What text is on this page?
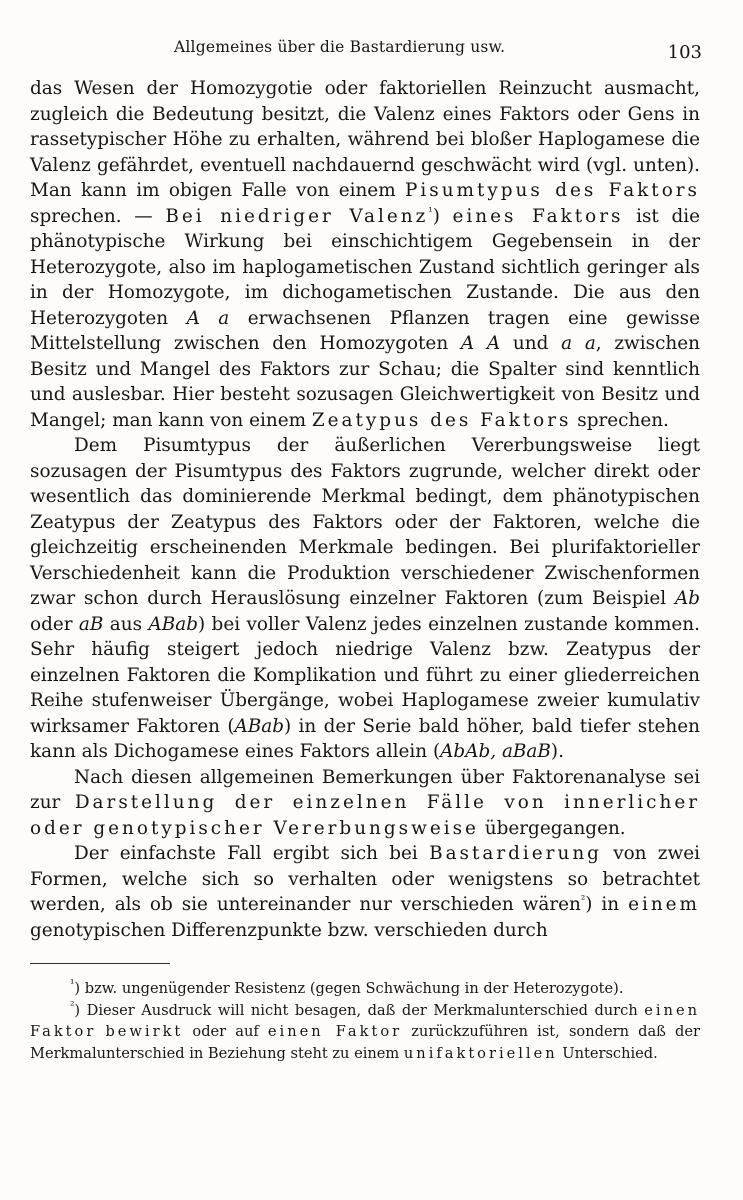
Allgemeines über die Bastardierung usw.	103

das Wesen der Homozygotie oder faktoriellen Reinzucht ausmacht, zugleich die Bedeutung besitzt, die Valenz eines Faktors oder Gens in rassetypischer Höhe zu erhalten, während bei bloßer Haplogamese die Valenz gefährdet, eventuell nachdauernd geschwächt wird (vgl. unten). Man kann im obigen Falle von einem Pisumtypus des Faktors sprechen. — Bei niedriger Valenz$^{^1}$) eines Faktors ist die phänotypische Wirkung bei einschichtigem Gegebensein in der Heterozygote, also im haplogametischen Zustand sichtlich geringer als in der Homozygote, im dichogametischen Zustande. Die aus den Heterozygoten A a erwachsenen Pflanzen tragen eine gewisse Mittelstellung zwischen den Homozygoten A A und a a, zwischen Besitz und Mangel des Faktors zur Schau; die Spalter sind kenntlich und auslesbar. Hier besteht sozusagen Gleichwertigkeit von Besitz und Mangel; man kann von einem Zeatypus des Faktors sprechen.

Dem Pisumtypus der äußerlichen Vererbungsweise liegt sozusagen der Pisumtypus des Faktors zugrunde, welcher direkt oder wesentlich das dominierende Merkmal bedingt, dem phänotypischen Zeatypus der Zeatypus des Faktors oder der Faktoren, welche die gleichzeitig erscheinenden Merkmale bedingen. Bei plurifaktorieller Verschiedenheit kann die Produktion verschiedener Zwischenformen zwar schon durch Herauslösung einzelner Faktoren (zum Beispiel Ab oder aB aus ABab) bei voller Valenz jedes einzelnen zustande kommen. Sehr häufig steigert jedoch niedrige Valenz bzw. Zeatypus der einzelnen Faktoren die Komplikation und führt zu einer gliederreichen Reihe stufenweiser Übergänge, wobei Haplogamese zweier kumulativ wirksamer Faktoren (ABab) in der Serie bald höher, bald tiefer stehen kann als Dichogamese eines Faktors allein (AbAb, aBaB).

Nach diesen allgemeinen Bemerkungen über Faktorenanalyse sei zur Darstellung der einzelnen Fälle von innerlicher oder genotypischer Vererbungsweise übergegangen.

Der einfachste Fall ergibt sich bei Bastardierung von zwei Formen, welche sich so verhalten oder wenigstens so betrachtet werden, als ob sie untereinander nur verschieden wären$^{^2}$) in einem genotypischen Differenzpunkte bzw. verschieden durch

$^{^1}$) bzw. ungenügender Resistenz (gegen Schwächung in der Heterozygote).

$^{^2}$) Dieser Ausdruck will nicht besagen, daß der Merkmalunterschied durch einen Faktor bewirkt oder auf einen Faktor zurückzuführen ist, sondern daß der Merkmalunterschied in Beziehung steht zu einem unifaktoriellen Unterschied.
